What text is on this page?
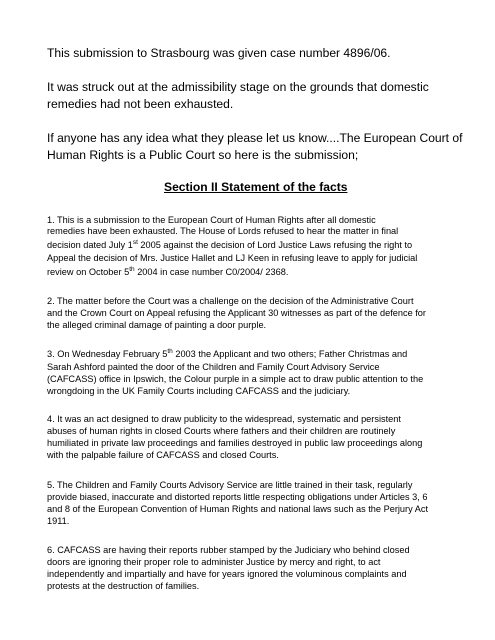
This submission to Strasbourg was given case number 4896/06.

It was struck out at the admissibility stage on the grounds that domestic

remedies had not been exhausted.

If anyone has any idea what they please let us know....The European Court of

Human Rights is a Public Court so here is the submission;

Section II Statement of the facts

1. This is a submission to the European Court of Human Rights after all domestic

remedies have been exhausted. The House of Lords refused to hear the matter in final

decision dated July 1st 2005 against the decision of Lord Justice Laws refusing the right to

Appeal the decision of Mrs. Justice Hallet and LJ Keen in refusing leave to apply for judicial

review on October 5th 2004 in case number C0/2004/ 2368.

2. The matter before the Court was a challenge on the decision of the Administrative Court

and the Crown Court on Appeal refusing the Applicant 30 witnesses as part of the defence for

the alleged criminal damage of painting a door purple.

3. On Wednesday February 5th 2003 the Applicant and two others; Father Christmas and

Sarah Ashford painted the door of the Children and Family Court Advisory Service

(CAFCASS) office in Ipswich, the Colour purple in a simple act to draw public attention to the

wrongdoing in the UK Family Courts including CAFCASS and the judiciary.

4. It was an act designed to draw publicity to the widespread, systematic and persistent

abuses of human rights in closed Courts where fathers and their children are routinely

humiliated in private law proceedings and families destroyed in public law proceedings along

with the palpable failure of CAFCASS and closed Courts.

5. The Children and Family Courts Advisory Service are little trained in their task, regularly

provide biased, inaccurate and distorted reports little respecting obligations under Articles 3, 6

and 8 of the European Convention of Human Rights and national laws such as the Perjury Act

1911.

6. CAFCASS are having their reports rubber stamped by the Judiciary who behind closed

doors are ignoring their proper role to administer Justice by mercy and right, to act

independently and impartially and have for years ignored the voluminous complaints and

protests at the destruction of families.
